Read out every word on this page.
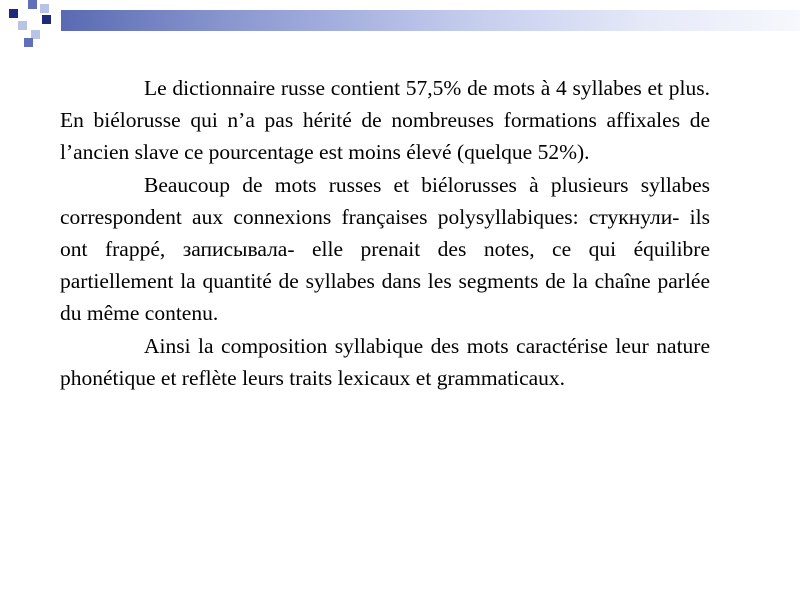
Le dictionnaire russe contient 57,5% de mots à 4 syllabes et plus. En biélorusse qui n’a pas hérité de nombreuses formations affixales de l’ancien slave ce pourcentage est moins élevé (quelque 52%).

Beaucoup de mots russes et biélorusses à plusieurs syllabes correspondent aux connexions françaises polysyllabiques: стукнули- ils ont frappé, записывала- elle prenait des notes, ce qui équilibre partiellement la quantité de syllabes dans les segments de la chaîne parlée du même contenu.

Ainsi la composition syllabique des mots caractérise leur nature phonétique et reflète leurs traits lexicaux et grammaticaux.
